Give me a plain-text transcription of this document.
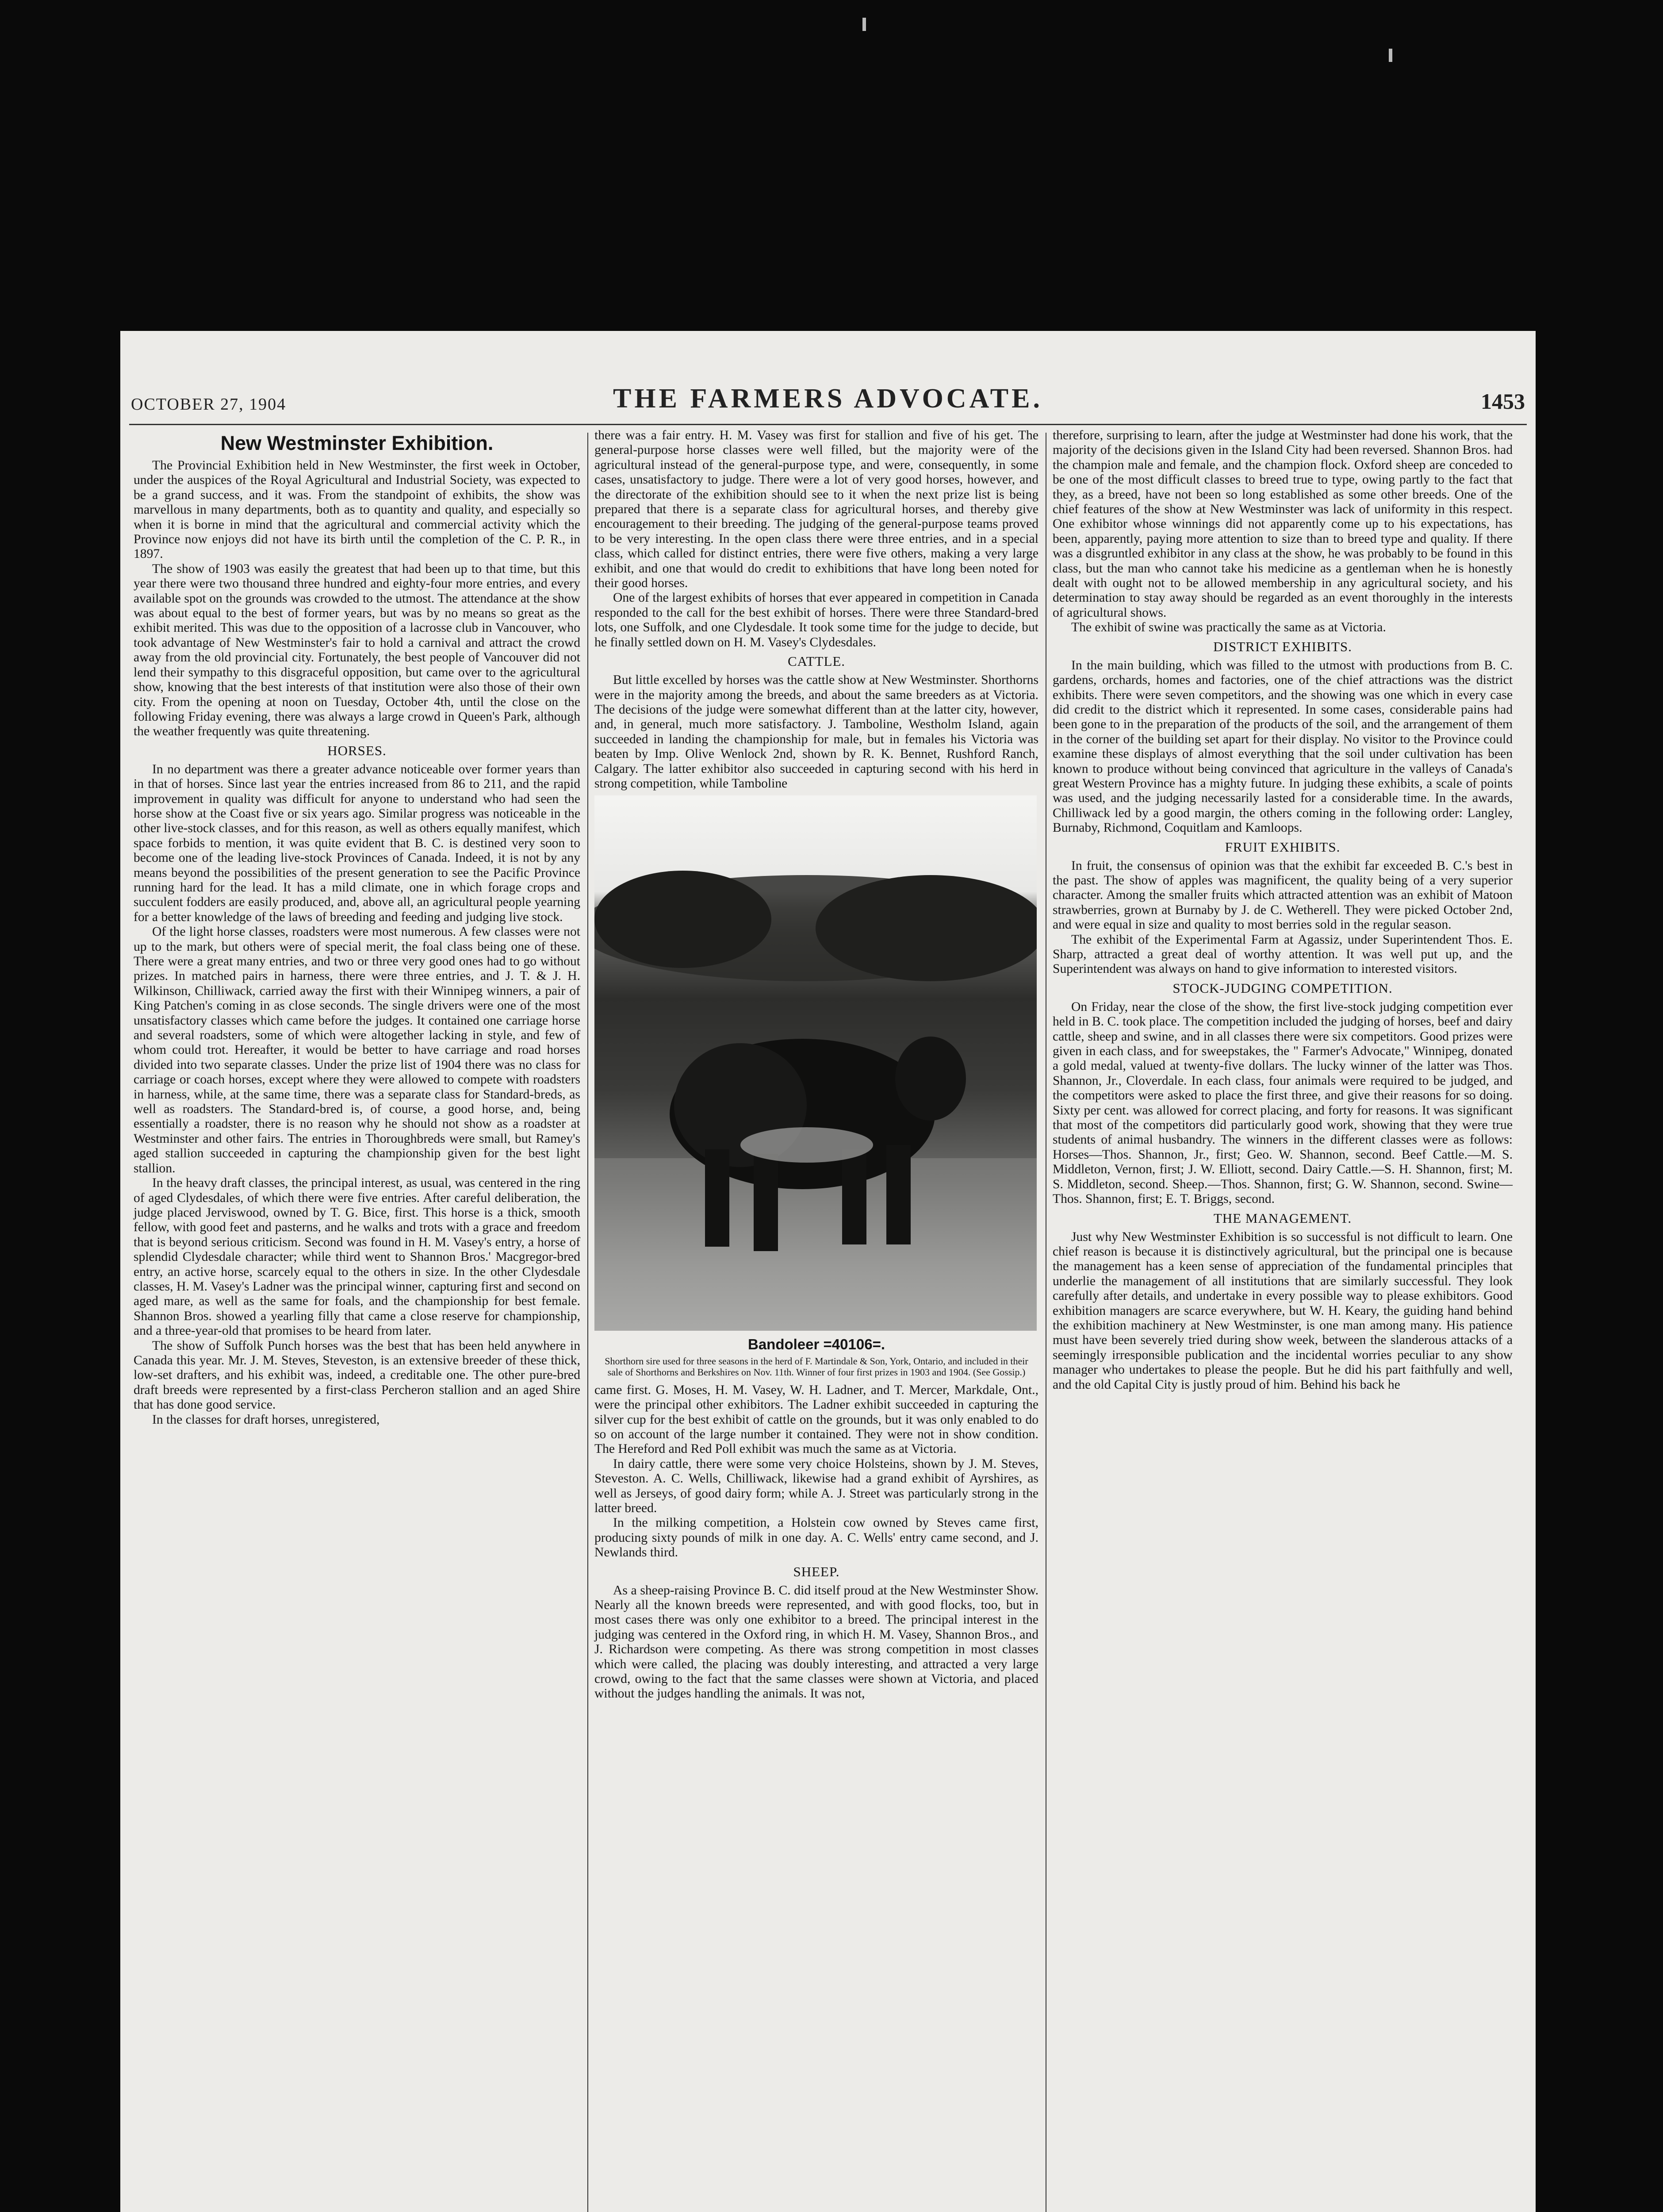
OCTOBER 27, 1904	THE FARMERS ADVOCATE.	1453
New Westminster Exhibition.

The Provincial Exhibition held in New Westminster, the first week in October, under the auspices of the Royal Agricultural and Industrial Society, was expected to be a grand success, and it was. From the standpoint of exhibits, the show was marvellous in many departments, both as to quantity and quality, and especially so when it is borne in mind that the agricultural and commercial activity which the Province now enjoys did not have its birth until the completion of the C. P. R., in 1897.

The show of 1903 was easily the greatest that had been up to that time, but this year there were two thousand three hundred and eighty-four more entries, and every available spot on the grounds was crowded to the utmost. The attendance at the show was about equal to the best of former years, but was by no means so great as the exhibit merited. This was due to the opposition of a lacrosse club in Vancouver, who took advantage of New Westminster's fair to hold a carnival and attract the crowd away from the old provincial city. Fortunately, the best people of Vancouver did not lend their sympathy to this disgraceful opposition, but came over to the agricultural show, knowing that the best interests of that institution were also those of their own city. From the opening at noon on Tuesday, October 4th, until the close on the following Friday evening, there was always a large crowd in Queen's Park, although the weather frequently was quite threatening.

HORSES.

In no department was there a greater advance noticeable over former years than in that of horses. Since last year the entries increased from 86 to 211, and the rapid improvement in quality was difficult for anyone to understand who had seen the horse show at the Coast five or six years ago. Similar progress was noticeable in the other live-stock classes, and for this reason, as well as others equally manifest, which space forbids to mention, it was quite evident that B. C. is destined very soon to become one of the leading live-stock Provinces of Canada. Indeed, it is not by any means beyond the possibilities of the present generation to see the Pacific Province running hard for the lead. It has a mild climate, one in which forage crops and succulent fodders are easily produced, and, above all, an agricultural people yearning for a better knowledge of the laws of breeding and feeding and judging live stock.

Of the light horse classes, roadsters were most numerous. A few classes were not up to the mark, but others were of special merit, the foal class being one of these. There were a great many entries, and two or three very good ones had to go without prizes. In matched pairs in harness, there were three entries, and J. T. & J. H. Wilkinson, Chilliwack, carried away the first with their Winnipeg winners, a pair of King Patchen's coming in as close seconds. The single drivers were one of the most unsatisfactory classes which came before the judges. It contained one carriage horse and several roadsters, some of which were altogether lacking in style, and few of whom could trot. Hereafter, it would be better to have carriage and road horses divided into two separate classes. Under the prize list of 1904 there was no class for carriage or coach horses, except where they were allowed to compete with roadsters in harness, while, at the same time, there was a separate class for Standard-breds, as well as roadsters. The Standard-bred is, of course, a good horse, and, being essentially a roadster, there is no reason why he should not show as a roadster at Westminster and other fairs. The entries in Thoroughbreds were small, but Ramey's aged stallion succeeded in capturing the championship given for the best light stallion.

In the heavy draft classes, the principal interest, as usual, was centered in the ring of aged Clydesdales, of which there were five entries. After careful deliberation, the judge placed Jerviswood, owned by T. G. Bice, first. This horse is a thick, smooth fellow, with good feet and pasterns, and he walks and trots with a grace and freedom that is beyond serious criticism. Second was found in H. M. Vasey's entry, a horse of splendid Clydesdale character; while third went to Shannon Bros.' Macgregor-bred entry, an active horse, scarcely equal to the others in size. In the other Clydesdale classes, H. M. Vasey's Ladner was the principal winner, capturing first and second on aged mare, as well as the same for foals, and the championship for best female. Shannon Bros. showed a yearling filly that came a close reserve for championship, and a three-year-old that promises to be heard from later.

The show of Suffolk Punch horses was the best that has been held anywhere in Canada this year. Mr. J. M. Steves, Steveston, is an extensive breeder of these thick, low-set drafters, and his exhibit was, indeed, a creditable one. The other pure-bred draft breeds were represented by a first-class Percheron stallion and an aged Shire that has done good service.

In the classes for draft horses, unregistered,

there was a fair entry. H. M. Vasey was first for stallion and five of his get. The general-purpose horse classes were well filled, but the majority were of the agricultural instead of the general-purpose type, and were, consequently, in some cases, unsatisfactory to judge. There were a lot of very good horses, however, and the directorate of the exhibition should see to it when the next prize list is being prepared that there is a separate class for agricultural horses, and thereby give encouragement to their breeding. The judging of the general-purpose teams proved to be very interesting. In the open class there were three entries, and in a special class, which called for distinct entries, there were five others, making a very large exhibit, and one that would do credit to exhibitions that have long been noted for their good horses.

One of the largest exhibits of horses that ever appeared in competition in Canada responded to the call for the best exhibit of horses. There were three Standard-bred lots, one Suffolk, and one Clydesdale. It took some time for the judge to decide, but he finally settled down on H. M. Vasey's Clydesdales.

CATTLE.

But little excelled by horses was the cattle show at New Westminster. Shorthorns were in the majority among the breeds, and about the same breeders as at Victoria. The decisions of the judge were somewhat different than at the latter city, however, and, in general, much more satisfactory. J. Tamboline, Westholm Island, again succeeded in landing the championship for male, but in females his Victoria was beaten by Imp. Olive Wenlock 2nd, shown by R. K. Bennet, Rushford Ranch, Calgary. The latter exhibitor also succeeded in capturing second with his herd in strong competition, while Tamboline

Bandoleer =40106=.
Shorthorn sire used for three seasons in the herd of F. Martindale & Son, York, Ontario, and included in their sale of Shorthorns and Berkshires on Nov. 11th. Winner of four first prizes in 1903 and 1904. (See Gossip.)

came first. G. Moses, H. M. Vasey, W. H. Ladner, and T. Mercer, Markdale, Ont., were the principal other exhibitors. The Ladner exhibit succeeded in capturing the silver cup for the best exhibit of cattle on the grounds, but it was only enabled to do so on account of the large number it contained. They were not in show condition. The Hereford and Red Poll exhibit was much the same as at Victoria.

In dairy cattle, there were some very choice Holsteins, shown by J. M. Steves, Steveston. A. C. Wells, Chilliwack, likewise had a grand exhibit of Ayrshires, as well as Jerseys, of good dairy form; while A. J. Street was particularly strong in the latter breed.

In the milking competition, a Holstein cow owned by Steves came first, producing sixty pounds of milk in one day. A. C. Wells' entry came second, and J. Newlands third.

SHEEP.

As a sheep-raising Province B. C. did itself proud at the New Westminster Show. Nearly all the known breeds were represented, and with good flocks, too, but in most cases there was only one exhibitor to a breed. The principal interest in the judging was centered in the Oxford ring, in which H. M. Vasey, Shannon Bros., and J. Richardson were competing. As there was strong competition in most classes which were called, the placing was doubly interesting, and attracted a very large crowd, owing to the fact that the same classes were shown at Victoria, and placed without the judges handling the animals. It was not,

therefore, surprising to learn, after the judge at Westminster had done his work, that the majority of the decisions given in the Island City had been reversed. Shannon Bros. had the champion male and female, and the champion flock. Oxford sheep are conceded to be one of the most difficult classes to breed true to type, owing partly to the fact that they, as a breed, have not been so long established as some other breeds. One of the chief features of the show at New Westminster was lack of uniformity in this respect. One exhibitor whose winnings did not apparently come up to his expectations, has been, apparently, paying more attention to size than to breed type and quality. If there was a disgruntled exhibitor in any class at the show, he was probably to be found in this class, but the man who cannot take his medicine as a gentleman when he is honestly dealt with ought not to be allowed membership in any agricultural society, and his determination to stay away should be regarded as an event thoroughly in the interests of agricultural shows.

The exhibit of swine was practically the same as at Victoria.

DISTRICT EXHIBITS.

In the main building, which was filled to the utmost with productions from B. C. gardens, orchards, homes and factories, one of the chief attractions was the district exhibits. There were seven competitors, and the showing was one which in every case did credit to the district which it represented. In some cases, considerable pains had been gone to in the preparation of the products of the soil, and the arrangement of them in the corner of the building set apart for their display. No visitor to the Province could examine these displays of almost everything that the soil under cultivation has been known to produce without being convinced that agriculture in the valleys of Canada's great Western Province has a mighty future. In judging these exhibits, a scale of points was used, and the judging necessarily lasted for a considerable time. In the awards, Chilliwack led by a good margin, the others coming in the following order: Langley, Burnaby, Richmond, Coquitlam and Kamloops.

FRUIT EXHIBITS.

In fruit, the consensus of opinion was that the exhibit far exceeded B. C.'s best in the past. The show of apples was magnificent, the quality being of a very superior character. Among the smaller fruits which attracted attention was an exhibit of Matoon strawberries, grown at Burnaby by J. de C. Wetherell. They were picked October 2nd, and were equal in size and quality to most berries sold in the regular season.

The exhibit of the Experimental Farm at Agassiz, under Superintendent Thos. E. Sharp, attracted a great deal of worthy attention. It was well put up, and the Superintendent was always on hand to give information to interested visitors.

STOCK-JUDGING COMPETITION.

On Friday, near the close of the show, the first live-stock judging competition ever held in B. C. took place. The competition included the judging of horses, beef and dairy cattle, sheep and swine, and in all classes there were six competitors. Good prizes were given in each class, and for sweepstakes, the " Farmer's Advocate," Winnipeg, donated a gold medal, valued at twenty-five dollars. The lucky winner of the latter was Thos. Shannon, Jr., Cloverdale. In each class, four animals were required to be judged, and the competitors were asked to place the first three, and give their reasons for so doing. Sixty per cent. was allowed for correct placing, and forty for reasons. It was significant that most of the competitors did particularly good work, showing that they were true students of animal husbandry. The winners in the different classes were as follows: Horses—Thos. Shannon, Jr., first; Geo. W. Shannon, second. Beef Cattle.—M. S. Middleton, Vernon, first; J. W. Elliott, second. Dairy Cattle.—S. H. Shannon, first; M. S. Middleton, second. Sheep.—Thos. Shannon, first; G. W. Shannon, second. Swine—Thos. Shannon, first; E. T. Briggs, second.

THE MANAGEMENT.

Just why New Westminster Exhibition is so successful is not difficult to learn. One chief reason is because it is distinctively agricultural, but the principal one is because the management has a keen sense of appreciation of the fundamental principles that underlie the management of all institutions that are similarly successful. They look carefully after details, and undertake in every possible way to please exhibitors. Good exhibition managers are scarce everywhere, but W. H. Keary, the guiding hand behind the exhibition machinery at New Westminster, is one man among many. His patience must have been severely tried during show week, between the slanderous attacks of a seemingly irresponsible publication and the incidental worries peculiar to any show manager who undertakes to please the people. But he did his part faithfully and well, and the old Capital City is justly proud of him. Behind his back he
